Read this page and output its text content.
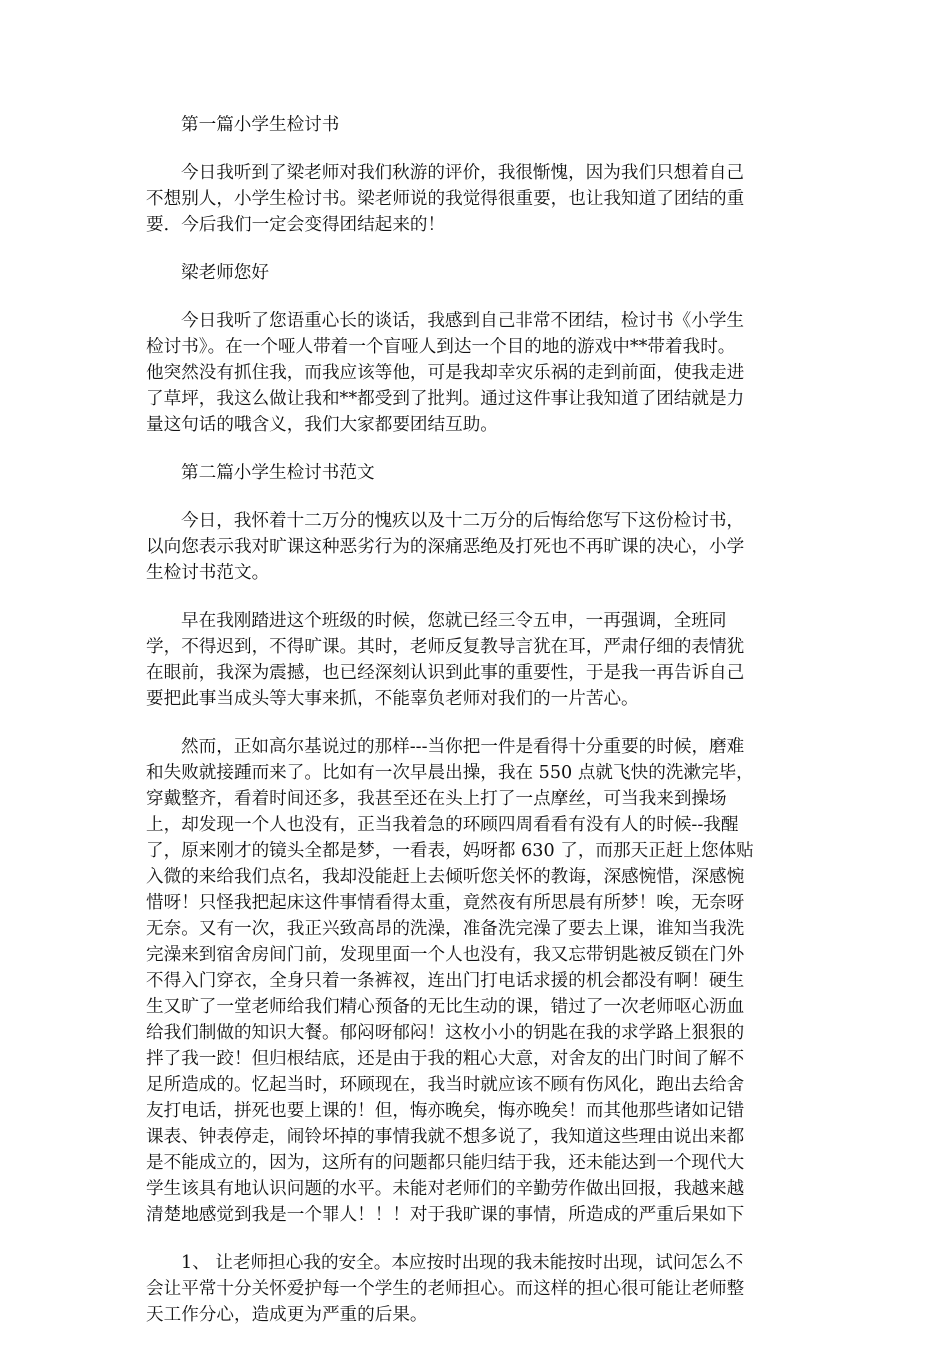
第一篇小学生检讨书

今日我听到了梁老师对我们秋游的评价，我很惭愧，因为我们只想着自己
不想别人，小学生检讨书。梁老师说的我觉得很重要，也让我知道了团结的重
要．今后我们一定会变得团结起来的！

梁老师您好

今日我听了您语重心长的谈话，我感到自己非常不团结，检讨书《小学生
检讨书》。在一个哑人带着一个盲哑人到达一个目的地的游戏中**带着我时。
他突然没有抓住我，而我应该等他，可是我却幸灾乐祸的走到前面，使我走进
了草坪，我这么做让我和**都受到了批判。通过这件事让我知道了团结就是力
量这句话的哦含义，我们大家都要团结互助。

第二篇小学生检讨书范文

今日，我怀着十二万分的愧疚以及十二万分的后悔给您写下这份检讨书，
以向您表示我对旷课这种恶劣行为的深痛恶绝及打死也不再旷课的决心，小学
生检讨书范文。

早在我刚踏进这个班级的时候，您就已经三令五申，一再强调，全班同
学，不得迟到，不得旷课。其时，老师反复教导言犹在耳，严肃仔细的表情犹
在眼前，我深为震撼，也已经深刻认识到此事的重要性，于是我一再告诉自己
要把此事当成头等大事来抓，不能辜负老师对我们的一片苦心。

然而，正如高尔基说过的那样---当你把一件是看得十分重要的时候，磨难
和失败就接踵而来了。比如有一次早晨出操，我在 550 点就飞快的洗漱完毕，
穿戴整齐，看着时间还多，我甚至还在头上打了一点摩丝，可当我来到操场
上，却发现一个人也没有，正当我着急的环顾四周看看有没有人的时候--我醒
了，原来刚才的镜头全都是梦，一看表，妈呀都 630 了，而那天正赶上您体贴
入微的来给我们点名，我却没能赶上去倾听您关怀的教诲，深感惋惜，深感惋
惜呀！只怪我把起床这件事情看得太重，竟然夜有所思晨有所梦！唉，无奈呀
无奈。又有一次，我正兴致高昂的洗澡，准备洗完澡了要去上课，谁知当我洗
完澡来到宿舍房间门前，发现里面一个人也没有，我又忘带钥匙被反锁在门外
不得入门穿衣，全身只着一条裤衩，连出门打电话求援的机会都没有啊！硬生
生又旷了一堂老师给我们精心预备的无比生动的课，错过了一次老师呕心沥血
给我们制做的知识大餐。郁闷呀郁闷！这枚小小的钥匙在我的求学路上狠狠的
拌了我一跤！但归根结底，还是由于我的粗心大意，对舍友的出门时间了解不
足所造成的。忆起当时，环顾现在，我当时就应该不顾有伤风化，跑出去给舍
友打电话，拼死也要上课的！但，悔亦晚矣，悔亦晚矣！而其他那些诸如记错
课表、钟表停走，闹铃坏掉的事情我就不想多说了，我知道这些理由说出来都
是不能成立的，因为，这所有的问题都只能归结于我，还未能达到一个现代大
学生该具有地认识问题的水平。未能对老师们的辛勤劳作做出回报，我越来越
清楚地感觉到我是一个罪人！！！对于我旷课的事情，所造成的严重后果如下

1、 让老师担心我的安全。本应按时出现的我未能按时出现，试问怎么不
会让平常十分关怀爱护每一个学生的老师担心。而这样的担心很可能让老师整
天工作分心，造成更为严重的后果。
